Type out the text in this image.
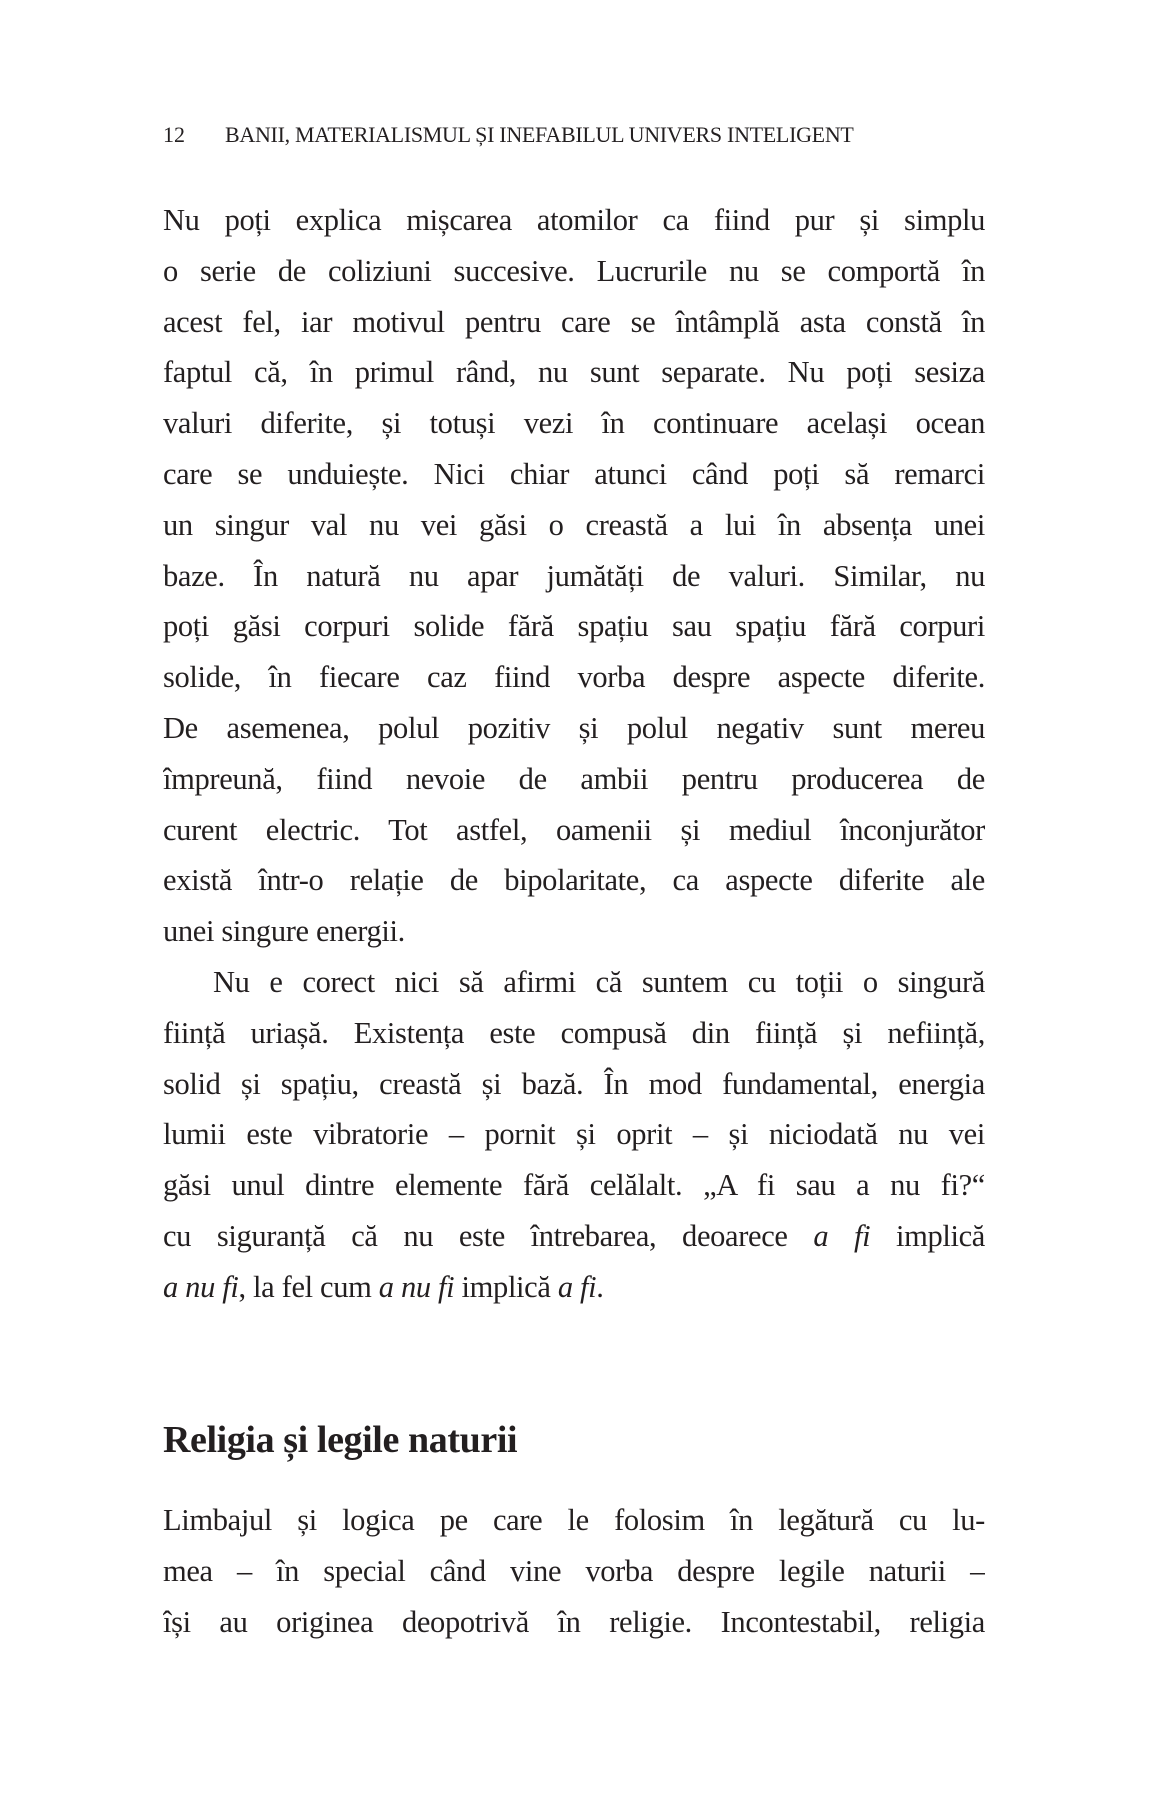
12	BANII, MATERIALISMUL ȘI INEFABILUL UNIVERS INTELIGENT
Nu poți explica mișcarea atomilor ca fiind pur și simplu
o serie de coliziuni succesive. Lucrurile nu se comportă în
acest fel, iar motivul pentru care se întâmplă asta constă în
faptul că, în primul rând, nu sunt separate. Nu poți sesiza
valuri diferite, și totuși vezi în continuare același ocean
care se unduiește. Nici chiar atunci când poți să remarci
un singur val nu vei găsi o creastă a lui în absența unei
baze. În natură nu apar jumătăți de valuri. Similar, nu
poți găsi corpuri solide fără spațiu sau spațiu fără corpuri
solide, în fiecare caz fiind vorba despre aspecte diferite.
De asemenea, polul pozitiv și polul negativ sunt mereu
împreună, fiind nevoie de ambii pentru producerea de
curent electric. Tot astfel, oamenii și mediul înconjurător
există într-o relație de bipolaritate, ca aspecte diferite ale
unei singure energii.
Nu e corect nici să afirmi că suntem cu toții o singură
ființă uriașă. Existența este compusă din ființă și neființă,
solid și spațiu, creastă și bază. În mod fundamental, energia
lumii este vibratorie – pornit și oprit – și niciodată nu vei
găsi unul dintre elemente fără celălalt. „A fi sau a nu fi?“
cu siguranță că nu este întrebarea, deoarece a fi implică
a nu fi, la fel cum a nu fi implică a fi.
Religia și legile naturii
Limbajul și logica pe care le folosim în legătură cu lu-
mea – în special când vine vorba despre legile naturii –
își au originea deopotrivă în religie. Incontestabil, religia
